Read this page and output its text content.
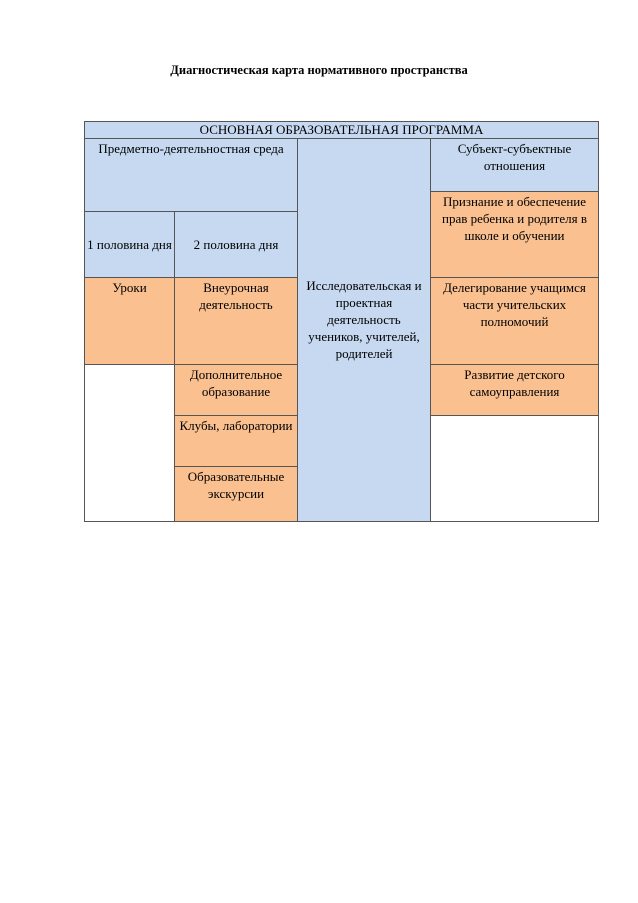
Диагностическая карта нормативного пространства
ОСНОВНАЯ ОБРАЗОВАТЕЛЬНАЯ ПРОГРАММА
Предметно-деятельностная среда
Исследовательская и проектная деятельность учеников, учителей, родителей
Субъект-субъектные отношения
Признание и обеспечение прав ребенка и родителя в школе и обучении
1 половина дня 2 половина дня
Уроки	Внеурочная деятельность
Делегирование учащимся части учительских полномочий
Дополнительное образование
Развитие детского самоуправления
Клубы, лаборатории
Образовательные экскурсии
